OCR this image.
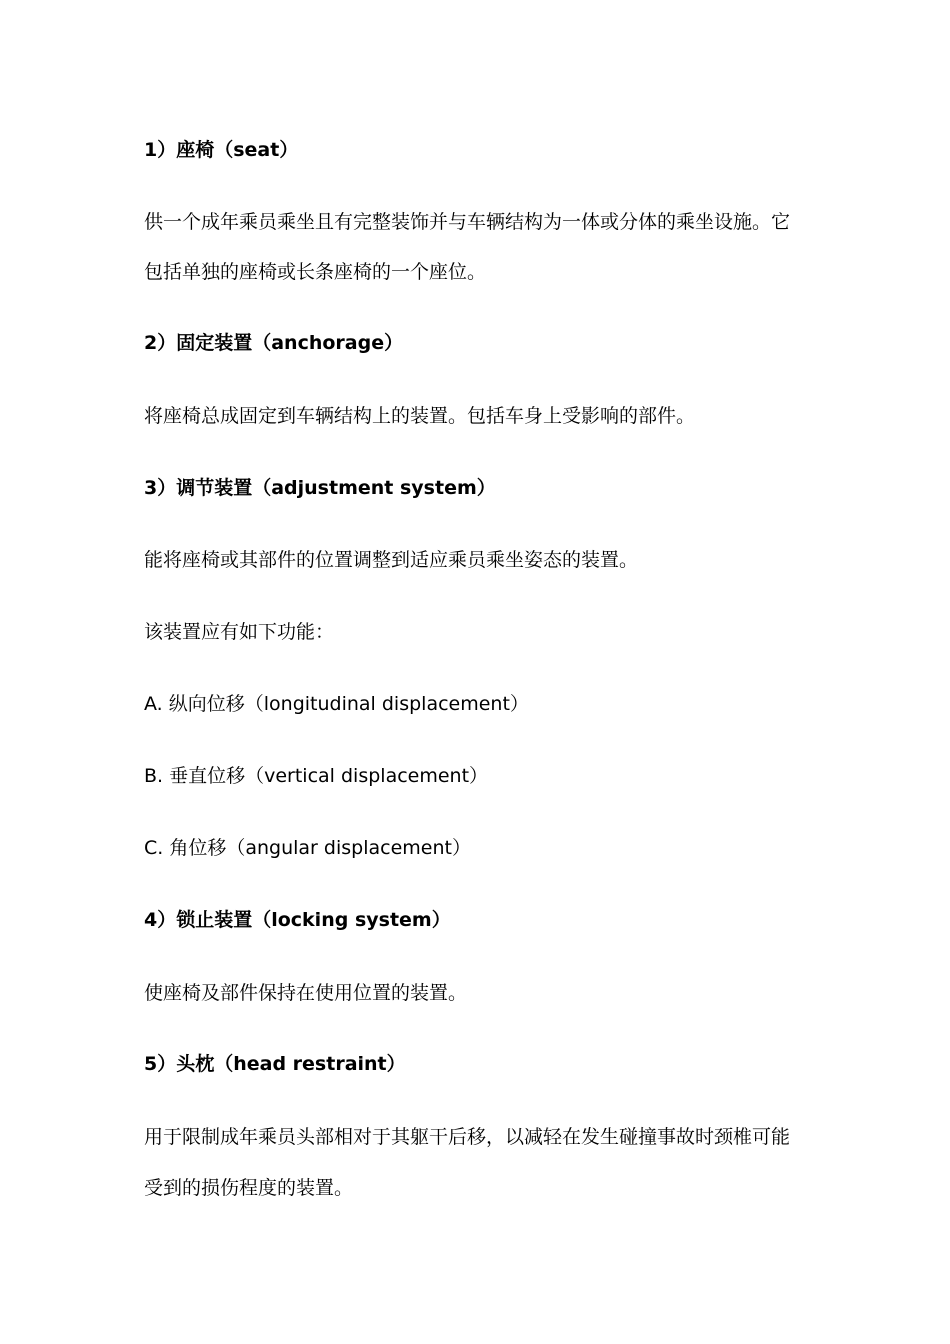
1）座椅（seat）
供一个成年乘员乘坐且有完整装饰并与车辆结构为一体或分体的乘坐设施。它
包括单独的座椅或长条座椅的一个座位。
2）固定装置（anchorage）
将座椅总成固定到车辆结构上的装置。包括车身上受影响的部件。
3）调节装置（adjustment system）
能将座椅或其部件的位置调整到适应乘员乘坐姿态的装置。
该装置应有如下功能：
A. 纵向位移（longitudinal displacement）
B. 垂直位移（vertical displacement）
C. 角位移（angular displacement）
4）锁止装置（locking system）
使座椅及部件保持在使用位置的装置。
5）头枕（head restraint）
用于限制成年乘员头部相对于其躯干后移，以减轻在发生碰撞事故时颈椎可能
受到的损伤程度的装置。
